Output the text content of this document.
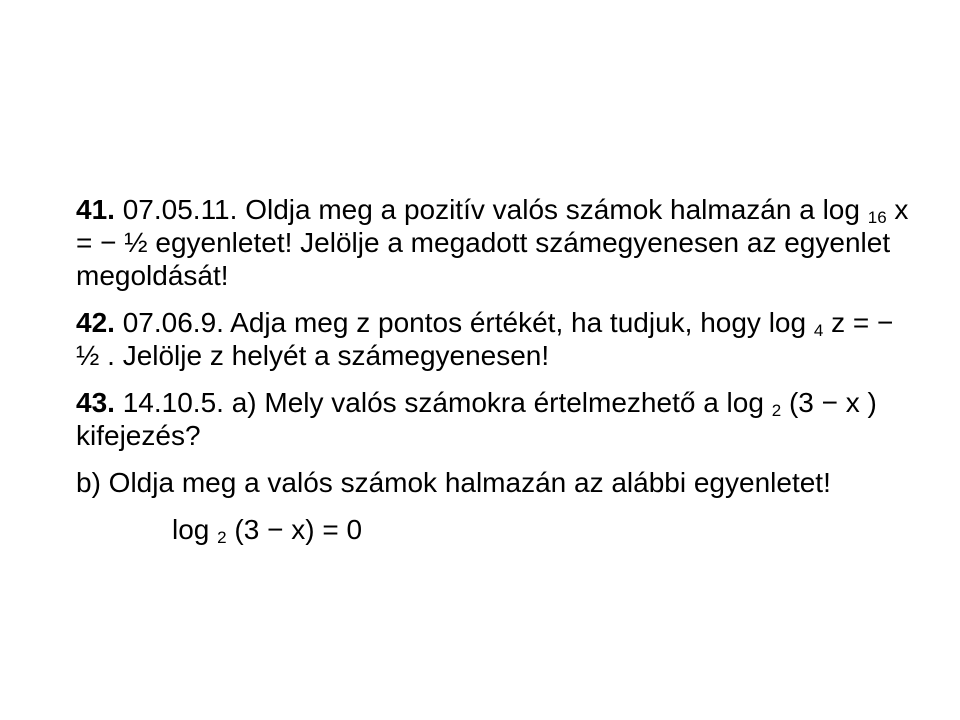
41. 07.05.11. Oldja meg a pozitív valós számok halmazán a log $_{16}$ x = − ½ egyenletet! Jelölje a megadott számegyenesen az egyenlet megoldását!

42. 07.06.9. Adja meg z pontos értékét, ha tudjuk, hogy log $_4$ z = − ½ . Jelölje z helyét a számegyenesen!

43. 14.10.5. a) Mely valós számokra értelmezhető a log $_2$ (3 − x ) kifejezés?

b) Oldja meg a valós számok halmazán az alábbi egyenletet!

log $_2$ (3 − x) = 0
